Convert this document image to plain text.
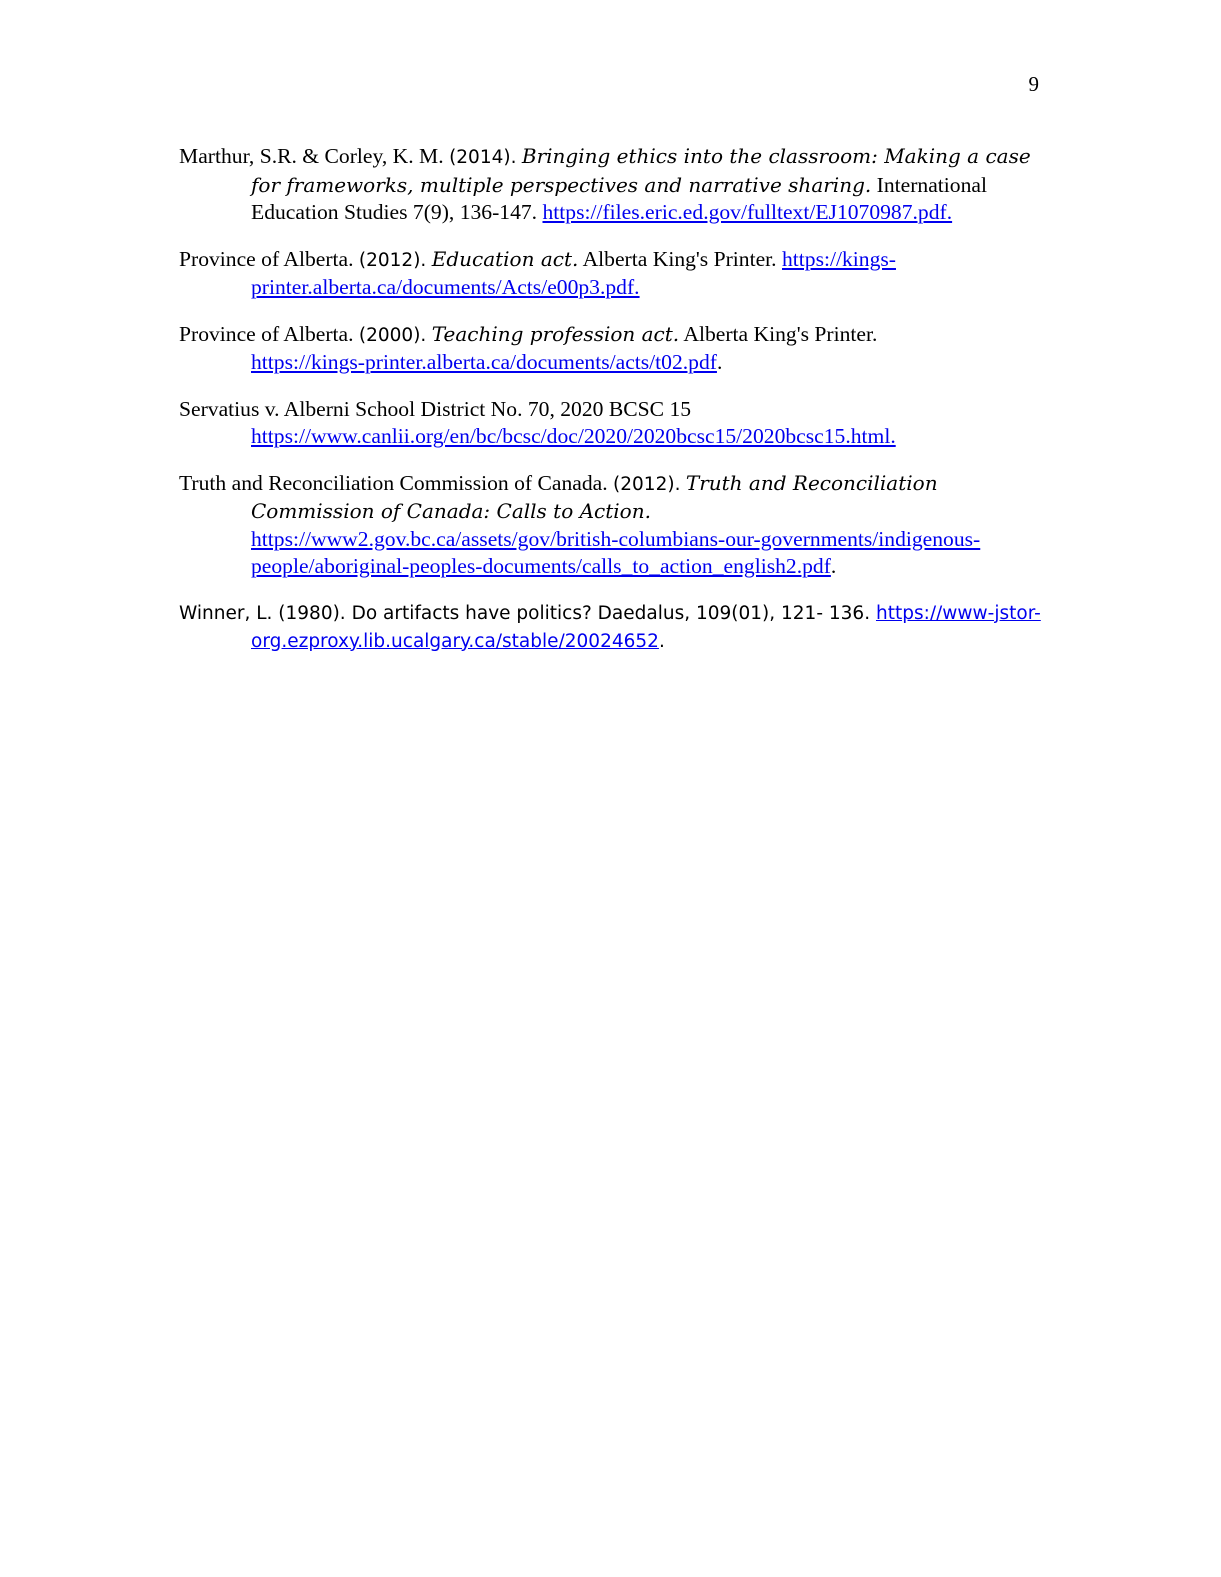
9

Marthur, S.R. & Corley, K. M. (2014). Bringing ethics into the classroom: Making a case for frameworks, multiple perspectives and narrative sharing. International Education Studies 7(9), 136-147. https://files.eric.ed.gov/fulltext/EJ1070987.pdf.

Province of Alberta. (2012). Education act. Alberta King's Printer. https://kings-printer.alberta.ca/documents/Acts/e00p3.pdf.

Province of Alberta. (2000). Teaching profession act. Alberta King's Printer.
https://kings-printer.alberta.ca/documents/acts/t02.pdf.

Servatius v. Alberni School District No. 70, 2020 BCSC 15
https://www.canlii.org/en/bc/bcsc/doc/2020/2020bcsc15/2020bcsc15.html.

Truth and Reconciliation Commission of Canada. (2012). Truth and Reconciliation Commission of Canada: Calls to Action.
https://www2.gov.bc.ca/assets/gov/british-columbians-our-governments/indigenous-people/aboriginal-peoples-documents/calls_to_action_english2.pdf.

Winner, L. (1980). Do artifacts have politics? Daedalus, 109(01), 121- 136. https://www-jstor-org.ezproxy.lib.ucalgary.ca/stable/20024652.
